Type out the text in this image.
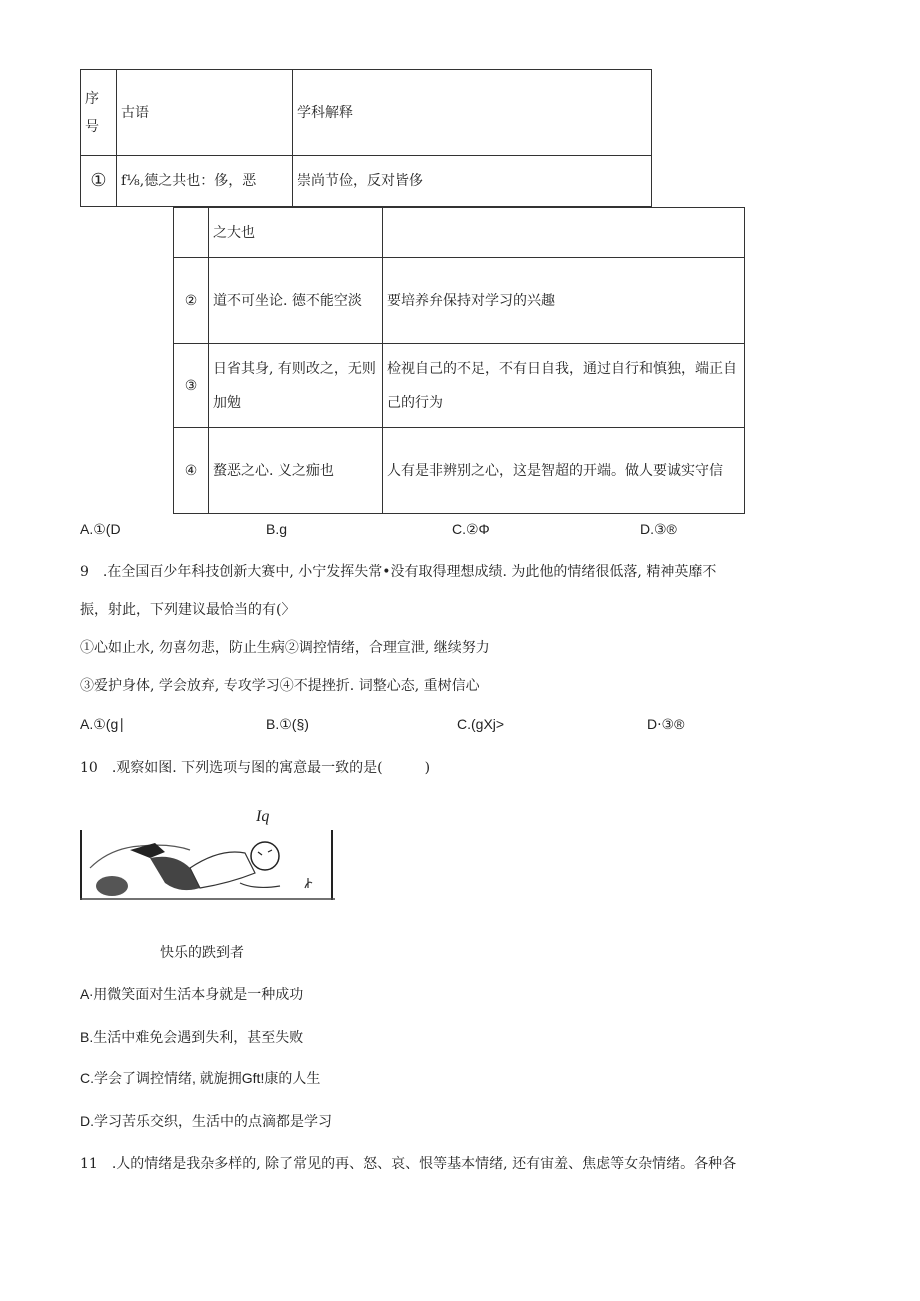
序号	古语	学科解释
①	f⅛,德之共也：侈，恶	崇尚节俭，反对皆侈
	之大也	
②	道不可坐论. 德不能空淡	要培养弁保持对学习的兴趣
③	日省其身, 有则改之，无则加勉	检视自己的不足，不有日自我，通过自行和慎独，端正自己的行为
④	蝥恶之心. 义之痂也	人有是非辨别之心，这是智超的开端。做人要诚实守信
A.①(D	B.g	C.②Φ	D.③®
9　.在全国百少年科技创新大赛中, 小宁发挥失常•没有取得理想成绩. 为此他的情绪很低落, 精神英靡不
振，射此，下列建议最恰当的有(〉
①心如止水, 勿喜勿悲，防止生病②调控情绪，合理宣泄, 继续努力
③爱护身体, 学会放弃, 专攻学习④不提挫折. 词整心态, 重树信心
A.①(g∣	B.①(§)	C.(gXj>	D⋅③®
10　.观察如图. 下列选项与图的寓意最一致的是(　　　)
Iq
快乐的跌到者
A∙用微笑面对生活本身就是一种成功
B.生活中难免会遇到失利，甚至失败
C.学会了调控情绪, 就旎拥Gft!康的人生
D.学习苦乐交织，生活中的点滴都是学习
11　.人的情绪是我杂多样的, 除了常见的再、怒、哀、恨等基本情绪, 还有宙羞、焦虑等女杂情绪。各种各
